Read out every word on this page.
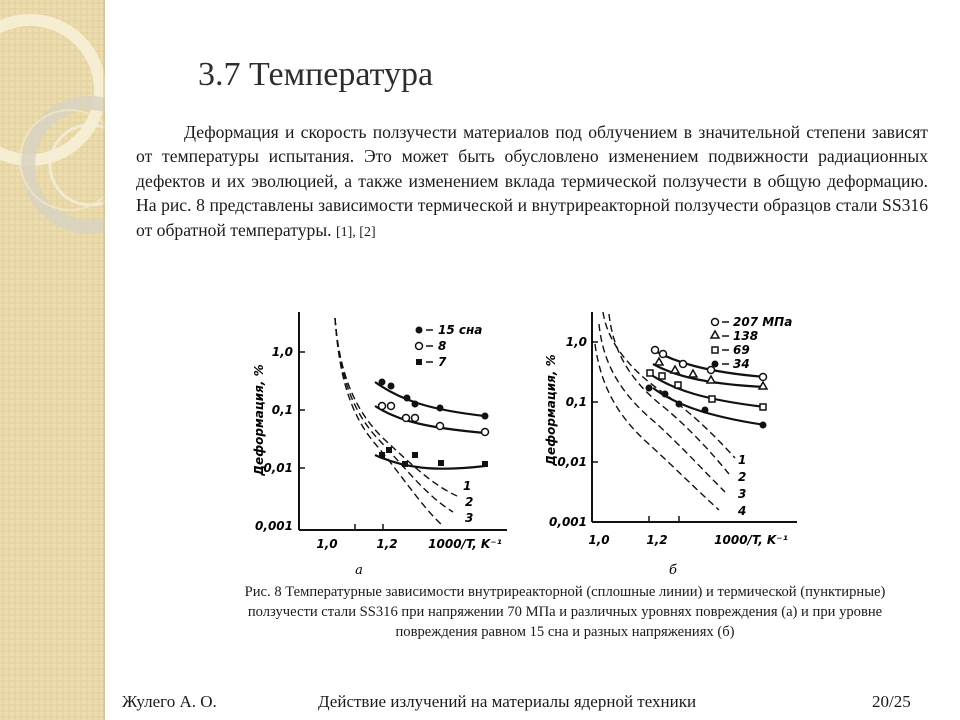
3.7 Температура
Деформация и скорость ползучести материалов под облучением в значительной степени зависят от температуры испытания. Это может быть обусловлено изменением подвижности радиационных дефектов и их эволюцией, а также изменением вклада термической ползучести в общую деформацию. На рис. 8 представлены зависимости термической и внутриреакторной ползучести образцов стали SS316 от обратной температуры. [1], [2]
1,0
0,1
0,01
0,001
1,0	1,2	1000/T, K⁻¹
Деформация, %
а
1
2
3
15 сна
8
7
1,0
0,1
0,01
0,001
1,0	1,2	1000/T, K⁻¹
Деформация, %
б
1
2
3
4
207 МПа
138
69
34
Рис. 8 Температурные зависимости внутриреакторной (сплошные линии) и термической (пунктирные) ползучести стали SS316 при напряжении 70 МПа и различных уровнях повреждения (а) и при уровне повреждения равном 15 сна и разных напряжениях (б)
Жулего А. О.	Действие излучений на материалы ядерной техники	20/25
